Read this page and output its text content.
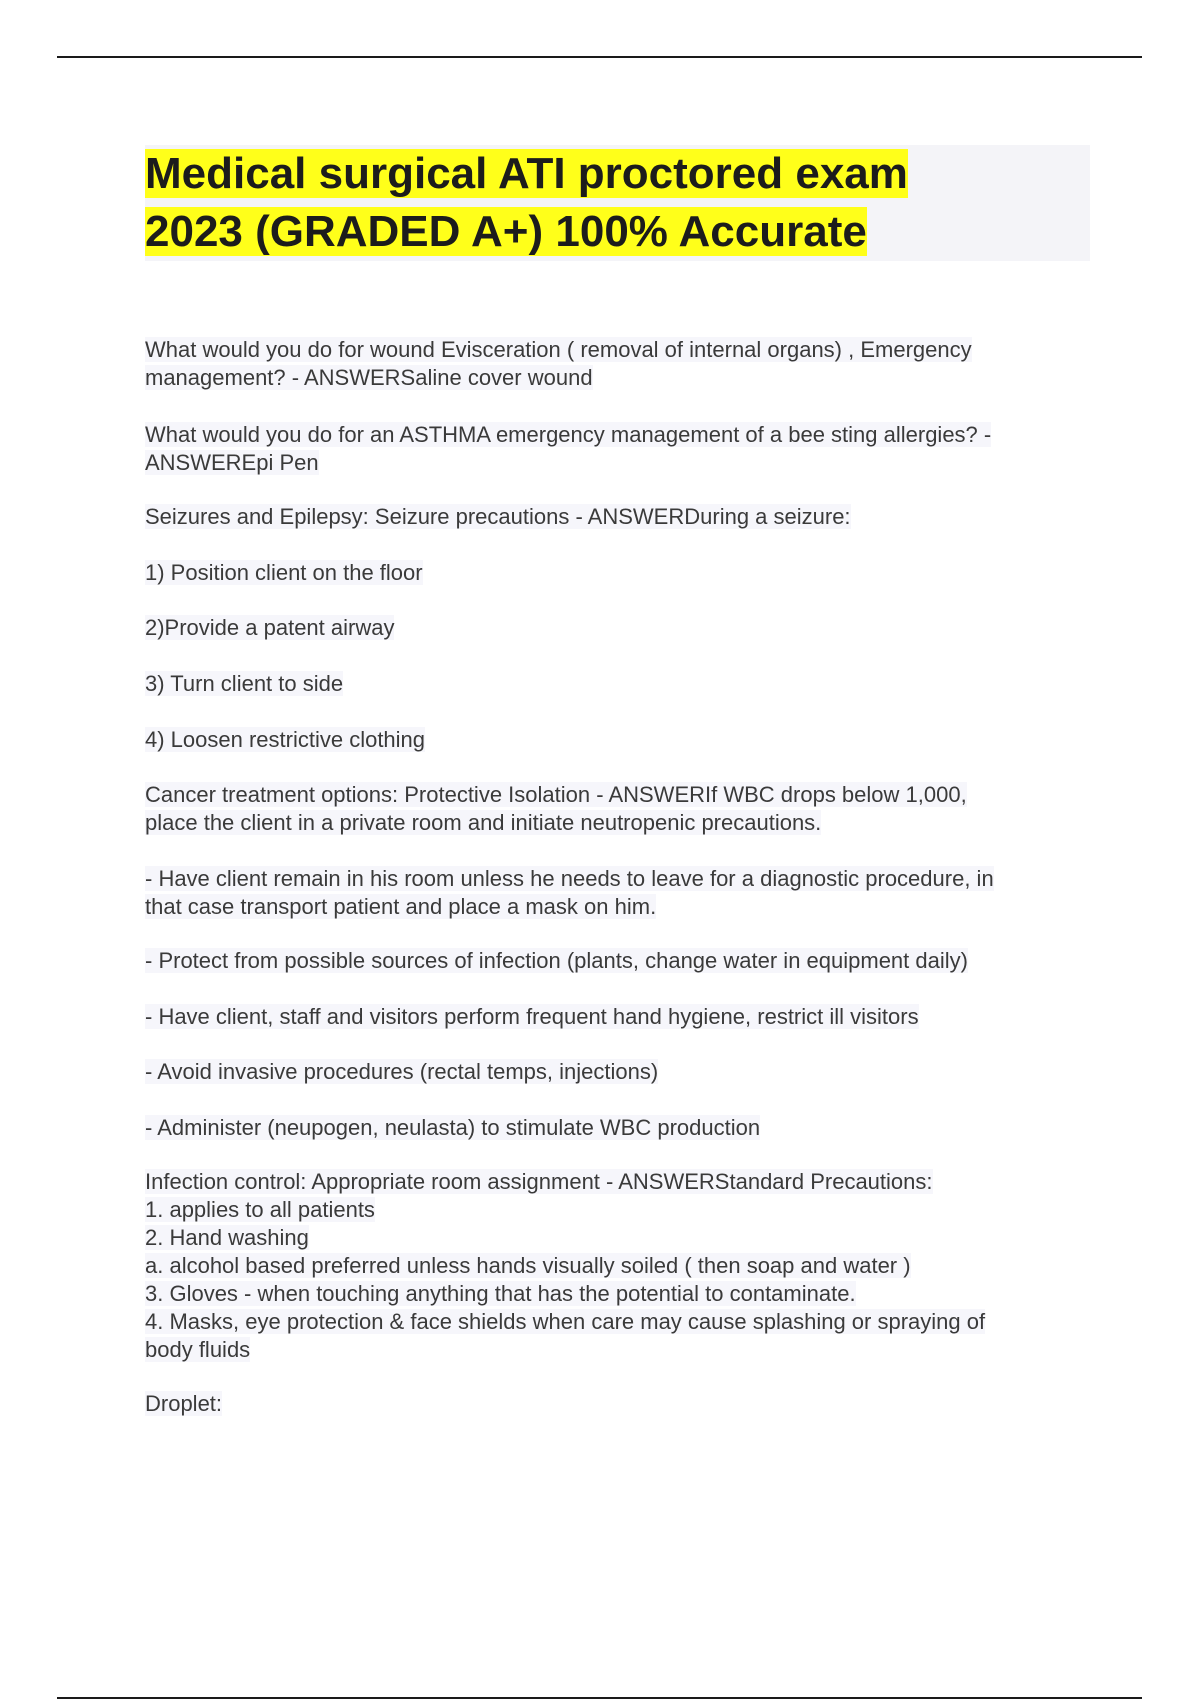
Medical surgical ATI proctored exam
2023 (GRADED A+) 100% Accurate

What would you do for wound Evisceration ( removal of internal organs) , Emergency

management? - ANSWERSaline cover wound

What would you do for an ASTHMA emergency management of a bee sting allergies? -

ANSWEREpi Pen

Seizures and Epilepsy: Seizure precautions - ANSWERDuring a seizure:

1) Position client on the floor

2)Provide a patent airway

3) Turn client to side

4) Loosen restrictive clothing

Cancer treatment options: Protective Isolation - ANSWERIf WBC drops below 1,000,

place the client in a private room and initiate neutropenic precautions.

- Have client remain in his room unless he needs to leave for a diagnostic procedure, in

that case transport patient and place a mask on him.

- Protect from possible sources of infection (plants, change water in equipment daily)

- Have client, staff and visitors perform frequent hand hygiene, restrict ill visitors

- Avoid invasive procedures (rectal temps, injections)

- Administer (neupogen, neulasta) to stimulate WBC production

Infection control: Appropriate room assignment - ANSWERStandard Precautions:

1. applies to all patients

2. Hand washing

a. alcohol based preferred unless hands visually soiled ( then soap and water )

3. Gloves - when touching anything that has the potential to contaminate.

4. Masks, eye protection & face shields when care may cause splashing or spraying of

body fluids

Droplet:
